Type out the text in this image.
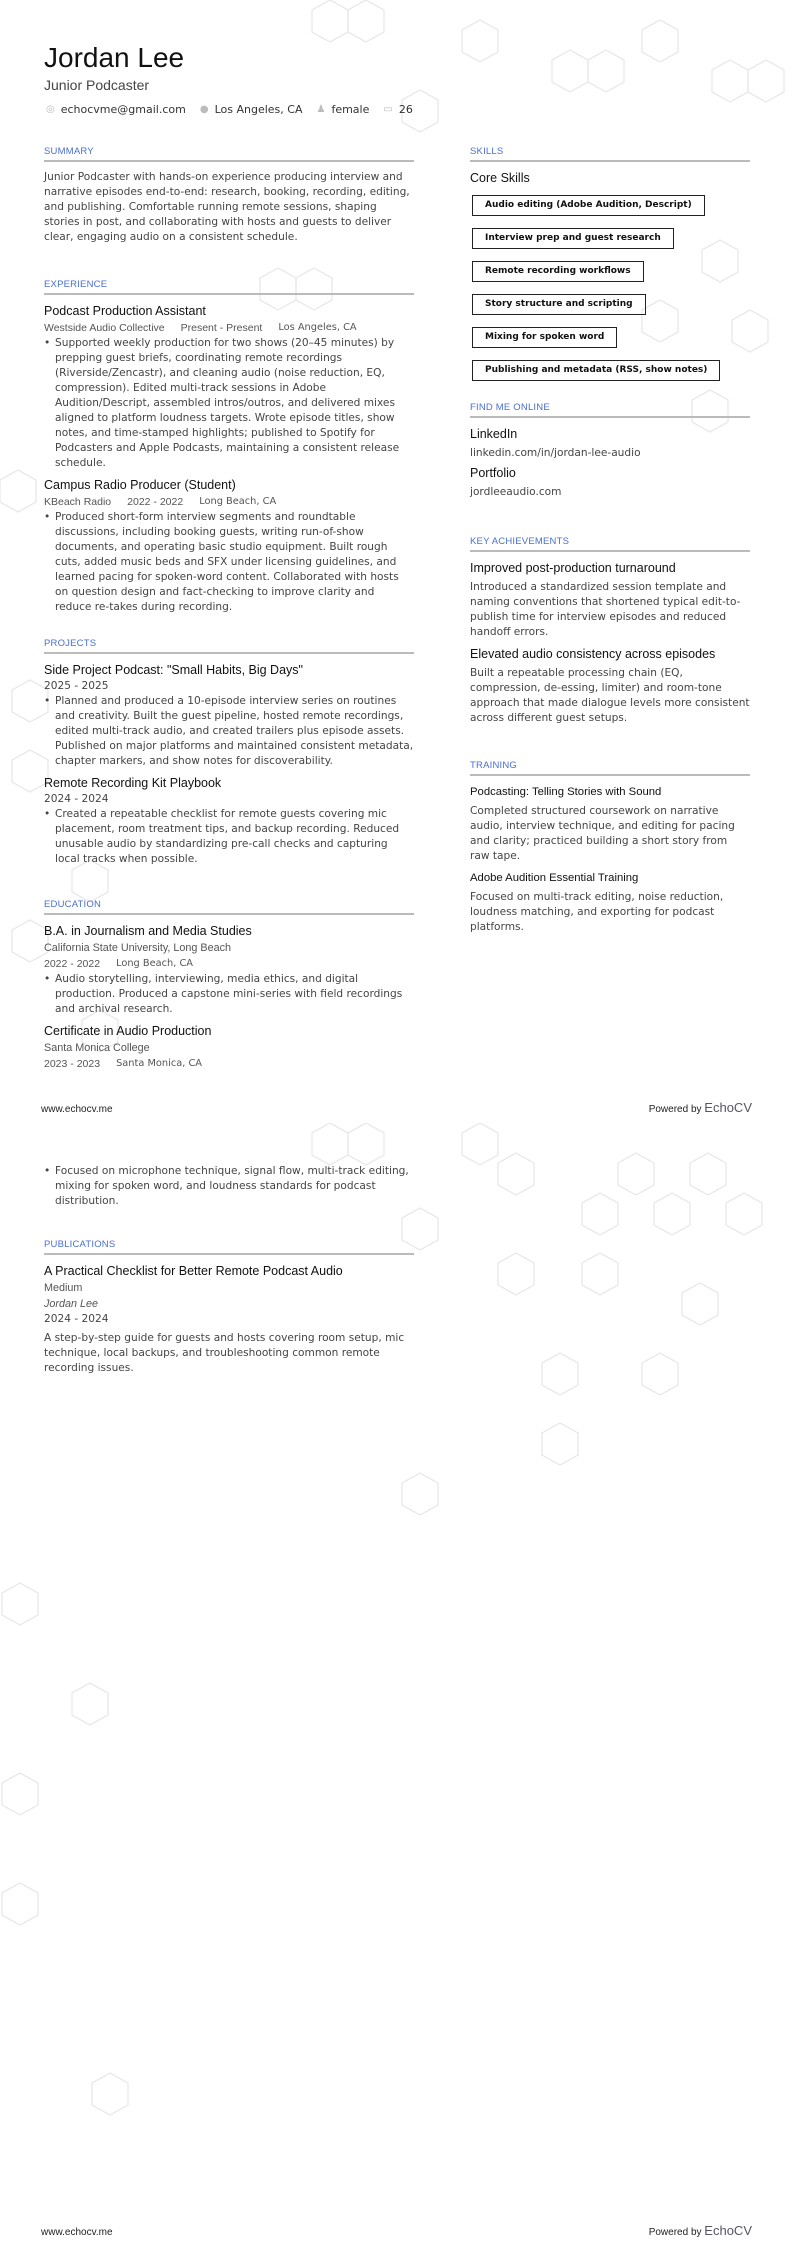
Jordan Lee
Junior Podcaster
◎ echocvme@gmail.com ● Los Angeles, CA ♟ female ▭ 26
SUMMARY
Junior Podcaster with hands-on experience producing interview and narrative episodes end-to-end: research, booking, recording, editing, and publishing. Comfortable running remote sessions, shaping stories in post, and collaborating with hosts and guests to deliver clear, engaging audio on a consistent schedule.
EXPERIENCE
Podcast Production Assistant
Westside Audio Collective Present - Present Los Angeles, CA
• Supported weekly production for two shows (20–45 minutes) by prepping guest briefs, coordinating remote recordings (Riverside/Zencastr), and cleaning audio (noise reduction, EQ, compression). Edited multi-track sessions in Adobe Audition/Descript, assembled intros/outros, and delivered mixes aligned to platform loudness targets. Wrote episode titles, show notes, and time-stamped highlights; published to Spotify for Podcasters and Apple Podcasts, maintaining a consistent release schedule.
Campus Radio Producer (Student)
KBeach Radio 2022 - 2022 Long Beach, CA
• Produced short-form interview segments and roundtable discussions, including booking guests, writing run-of-show documents, and operating basic studio equipment. Built rough cuts, added music beds and SFX under licensing guidelines, and learned pacing for spoken-word content. Collaborated with hosts on question design and fact-checking to improve clarity and reduce re-takes during recording.
PROJECTS
Side Project Podcast: "Small Habits, Big Days"
2025 - 2025
• Planned and produced a 10-episode interview series on routines and creativity. Built the guest pipeline, hosted remote recordings, edited multi-track audio, and created trailers plus episode assets. Published on major platforms and maintained consistent metadata, chapter markers, and show notes for discoverability.
Remote Recording Kit Playbook
2024 - 2024
• Created a repeatable checklist for remote guests covering mic placement, room treatment tips, and backup recording. Reduced unusable audio by standardizing pre-call checks and capturing local tracks when possible.
EDUCATION
B.A. in Journalism and Media Studies
California State University, Long Beach
2022 - 2022 Long Beach, CA
• Audio storytelling, interviewing, media ethics, and digital production. Produced a capstone mini-series with field recordings and archival research.
Certificate in Audio Production
Santa Monica College
2023 - 2023 Santa Monica, CA
SKILLS
Core Skills
Audio editing (Adobe Audition, Descript)
Interview prep and guest research
Remote recording workflows
Story structure and scripting
Mixing for spoken word
Publishing and metadata (RSS, show notes)
FIND ME ONLINE
LinkedIn
linkedin.com/in/jordan-lee-audio
Portfolio
jordleeaudio.com
KEY ACHIEVEMENTS
Improved post-production turnaround
Introduced a standardized session template and naming conventions that shortened typical edit-to-publish time for interview episodes and reduced handoff errors.
Elevated audio consistency across episodes
Built a repeatable processing chain (EQ, compression, de-essing, limiter) and room-tone approach that made dialogue levels more consistent across different guest setups.
TRAINING
Podcasting: Telling Stories with Sound
Completed structured coursework on narrative audio, interview technique, and editing for pacing and clarity; practiced building a short story from raw tape.
Adobe Audition Essential Training
Focused on multi-track editing, noise reduction, loudness matching, and exporting for podcast platforms.
www.echocv.me	Powered by EchoCV
• Focused on microphone technique, signal flow, multi-track editing, mixing for spoken word, and loudness standards for podcast distribution.
PUBLICATIONS
A Practical Checklist for Better Remote Podcast Audio
Medium
Jordan Lee
2024 - 2024
A step-by-step guide for guests and hosts covering room setup, mic technique, local backups, and troubleshooting common remote recording issues.
www.echocv.me	Powered by EchoCV
